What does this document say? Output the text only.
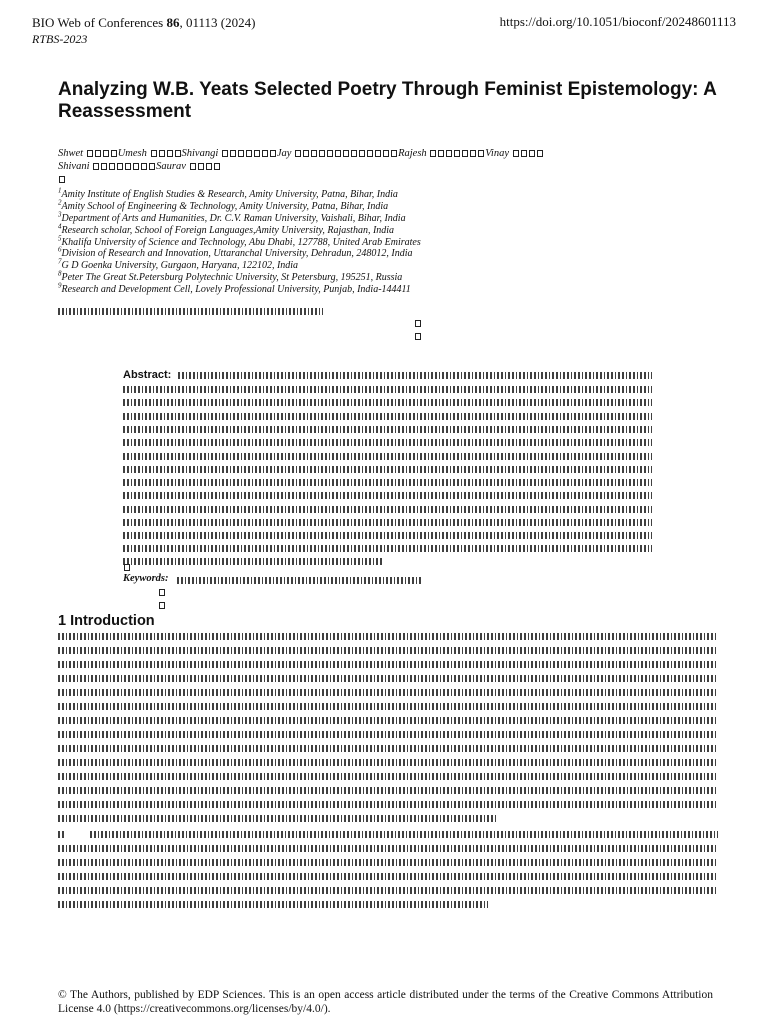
BIO Web of Conferences 86, 01113 (2024)
RTBS-2023
https://doi.org/10.1051/bioconf/20248601113
Analyzing W.B. Yeats Selected Poetry Through Feminist Epistemology: A Reassessment
Shwet	Umesh	Shivangi	Jay	Rajesh	Vinay
Shivani	Saurav

$^1$Amity Institute of English Studies & Research, Amity University, Patna, Bihar, India
$^2$Amity School of Engineering & Technology, Amity University, Patna, Bihar, India
$^3$Department of Arts and Humanities, Dr. C.V. Raman University, Vaishali, Bihar, India
$^4$Research scholar, School of Foreign Languages,Amity University, Rajasthan, India
$^5$Khalifa University of Science and Technology, Abu Dhabi, 127788, United Arab Emirates
$^6$Division of Research and Innovation, Uttaranchal University, Dehradun, 248012, India
$^7$G D Goenka University, Gurgaon, Haryana, 122102, India
$^8$Peter The Great St.Petersburg Polytechnic University, St Petersburg, 195251, Russia
$^9$Research and Development Cell, Lovely Professional University, Punjab, India-144411
Abstract:
Keywords:
1 Introduction
© The Authors, published by EDP Sciences. This is an open access article distributed under the terms of the Creative Commons Attribution License 4.0 (https://creativecommons.org/licenses/by/4.0/).
